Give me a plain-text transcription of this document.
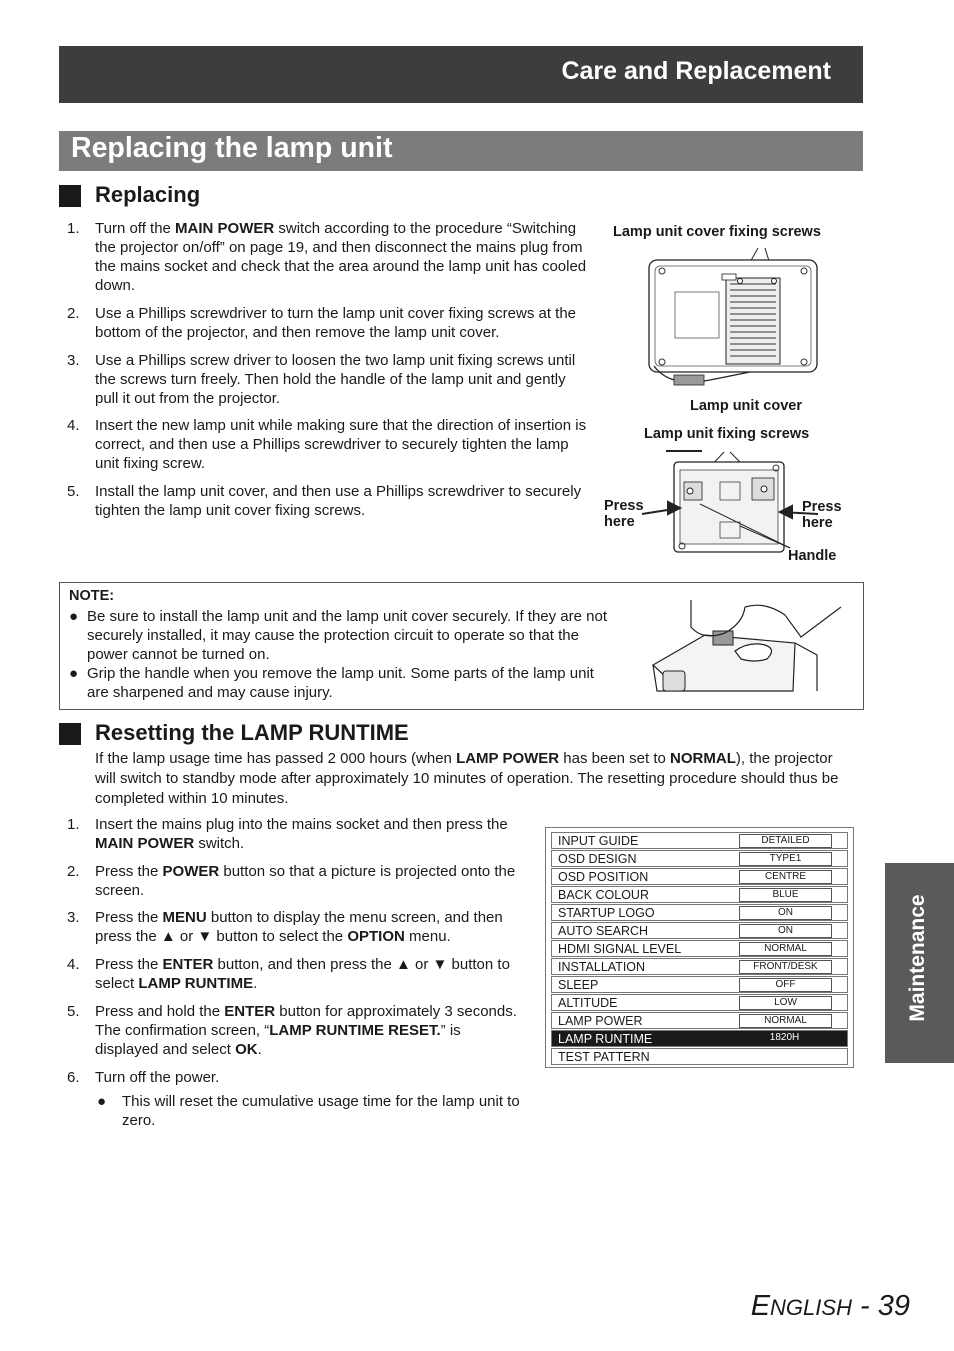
Care and Replacement
Replacing the lamp unit
Replacing
1. Turn off the MAIN POWER switch according to the procedure “Switching the projector on/off” on page 19, and then disconnect the mains plug from the mains socket and check that the area around the lamp unit has cooled down.
2. Use a Phillips screwdriver to turn the lamp unit cover fixing screws at the bottom of the projector, and then remove the lamp unit cover.
3. Use a Phillips screw driver to loosen the two lamp unit fixing screws until the screws turn freely. Then hold the handle of the lamp unit and gently pull it out from the projector.
4. Insert the new lamp unit while making sure that the direction of insertion is correct, and then use a Phillips screwdriver to securely tighten the lamp unit fixing screw.
5. Install the lamp unit cover, and then use a Phillips screwdriver to securely tighten the lamp unit cover fixing screws.
Lamp unit cover fixing screws
Lamp unit cover
Lamp unit fixing screws
Press
here
Press
here
Handle
NOTE:
● Be sure to install the lamp unit and the lamp unit cover securely. If they are not securely installed, it may cause the protection circuit to operate so that the power cannot be turned on.
● Grip the handle when you remove the lamp unit. Some parts of the lamp unit are sharpened and may cause injury.
Resetting the LAMP RUNTIME
If the lamp usage time has passed 2 000 hours (when LAMP POWER has been set to NORMAL), the projector will switch to standby mode after approximately 10 minutes of operation. The resetting procedure should thus be completed within 10 minutes.
1. Insert the mains plug into the mains socket and then press the MAIN POWER switch.
2. Press the POWER button so that a picture is projected onto the screen.
3. Press the MENU button to display the menu screen, and then press the ▲ or ▼ button to select the OPTION menu.
4. Press the ENTER button, and then press the ▲ or ▼ button to select LAMP RUNTIME.
5. Press and hold the ENTER button for approximately 3 seconds. The confirmation screen, “LAMP RUNTIME RESET.” is displayed and select OK.
6. Turn off the power.
● This will reset the cumulative usage time for the lamp unit to zero.
INPUT GUIDE	DETAILED
OSD DESIGN	TYPE1
OSD POSITION	CENTRE
BACK COLOUR	BLUE
STARTUP LOGO	ON
AUTO SEARCH	ON
HDMI SIGNAL LEVEL	NORMAL
INSTALLATION	FRONT/DESK
SLEEP	OFF
ALTITUDE	LOW
LAMP POWER	NORMAL
LAMP RUNTIME	1820H
TEST PATTERN
Maintenance
ENGLISH - 39
